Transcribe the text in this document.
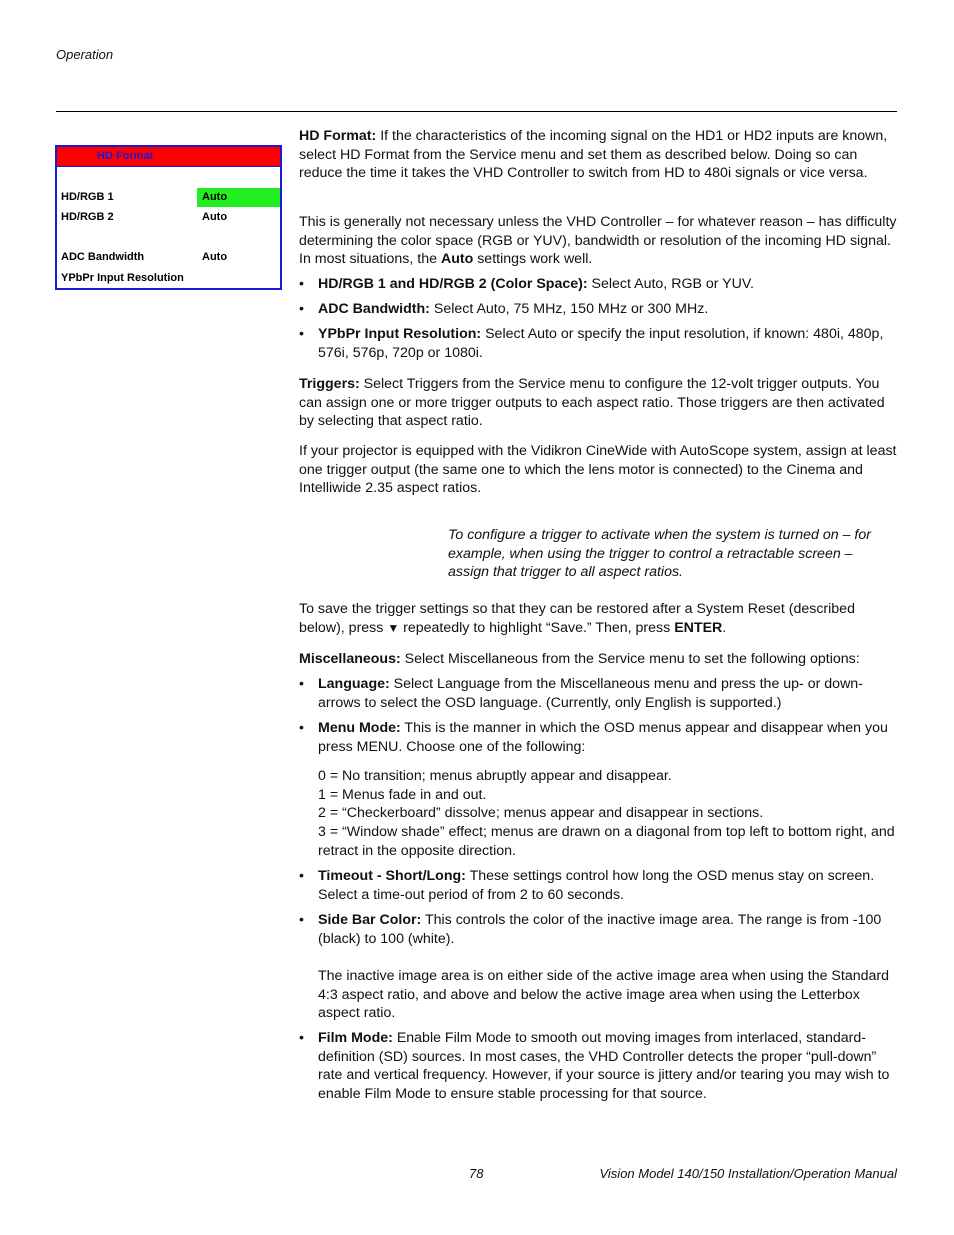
Operation
HD Format
HD/RGB 1	Auto
HD/RGB 2	Auto
ADC Bandwidth	Auto
YPbPr Input Resolution

HD Format: If the characteristics of the incoming signal on the HD1 or HD2 inputs are known, select HD Format from the Service menu and set them as described below. Doing so can reduce the time it takes the VHD Controller to switch from HD to 480i signals or vice versa.

This is generally not necessary unless the VHD Controller – for whatever reason – has difficulty determining the color space (RGB or YUV), bandwidth or resolution of the incoming HD signal. In most situations, the Auto settings work well.

• HD/RGB 1 and HD/RGB 2 (Color Space): Select Auto, RGB or YUV.
• ADC Bandwidth: Select Auto, 75 MHz, 150 MHz or 300 MHz.
• YPbPr Input Resolution: Select Auto or specify the input resolution, if known: 480i, 480p, 576i, 576p, 720p or 1080i.

Triggers: Select Triggers from the Service menu to configure the 12-volt trigger outputs. You can assign one or more trigger outputs to each aspect ratio. Those triggers are then activated by selecting that aspect ratio.

If your projector is equipped with the Vidikron CineWide with AutoScope system, assign at least one trigger output (the same one to which the lens motor is connected) to the Cinema and Intelliwide 2.35 aspect ratios.

To configure a trigger to activate when the system is turned on – for example, when using the trigger to control a retractable screen – assign that trigger to all aspect ratios.

To save the trigger settings so that they can be restored after a System Reset (described below), press ▼ repeatedly to highlight “Save.” Then, press ENTER.

Miscellaneous: Select Miscellaneous from the Service menu to set the following options:

• Language: Select Language from the Miscellaneous menu and press the up- or down-arrows to select the OSD language. (Currently, only English is supported.)
• Menu Mode: This is the manner in which the OSD menus appear and disappear when you press MENU. Choose one of the following:
0 = No transition; menus abruptly appear and disappear.
1 = Menus fade in and out.
2 = “Checkerboard” dissolve; menus appear and disappear in sections.
3 = “Window shade” effect; menus are drawn on a diagonal from top left to bottom right, and retract in the opposite direction.
• Timeout - Short/Long: These settings control how long the OSD menus stay on screen. Select a time-out period of from 2 to 60 seconds.
• Side Bar Color: This controls the color of the inactive image area. The range is from -100 (black) to 100 (white).
The inactive image area is on either side of the active image area when using the Standard 4:3 aspect ratio, and above and below the active image area when using the Letterbox aspect ratio.
• Film Mode: Enable Film Mode to smooth out moving images from interlaced, standard-definition (SD) sources. In most cases, the VHD Controller detects the proper “pull-down” rate and vertical frequency. However, if your source is jittery and/or tearing you may wish to enable Film Mode to ensure stable processing for that source.
78	Vision Model 140/150 Installation/Operation Manual
